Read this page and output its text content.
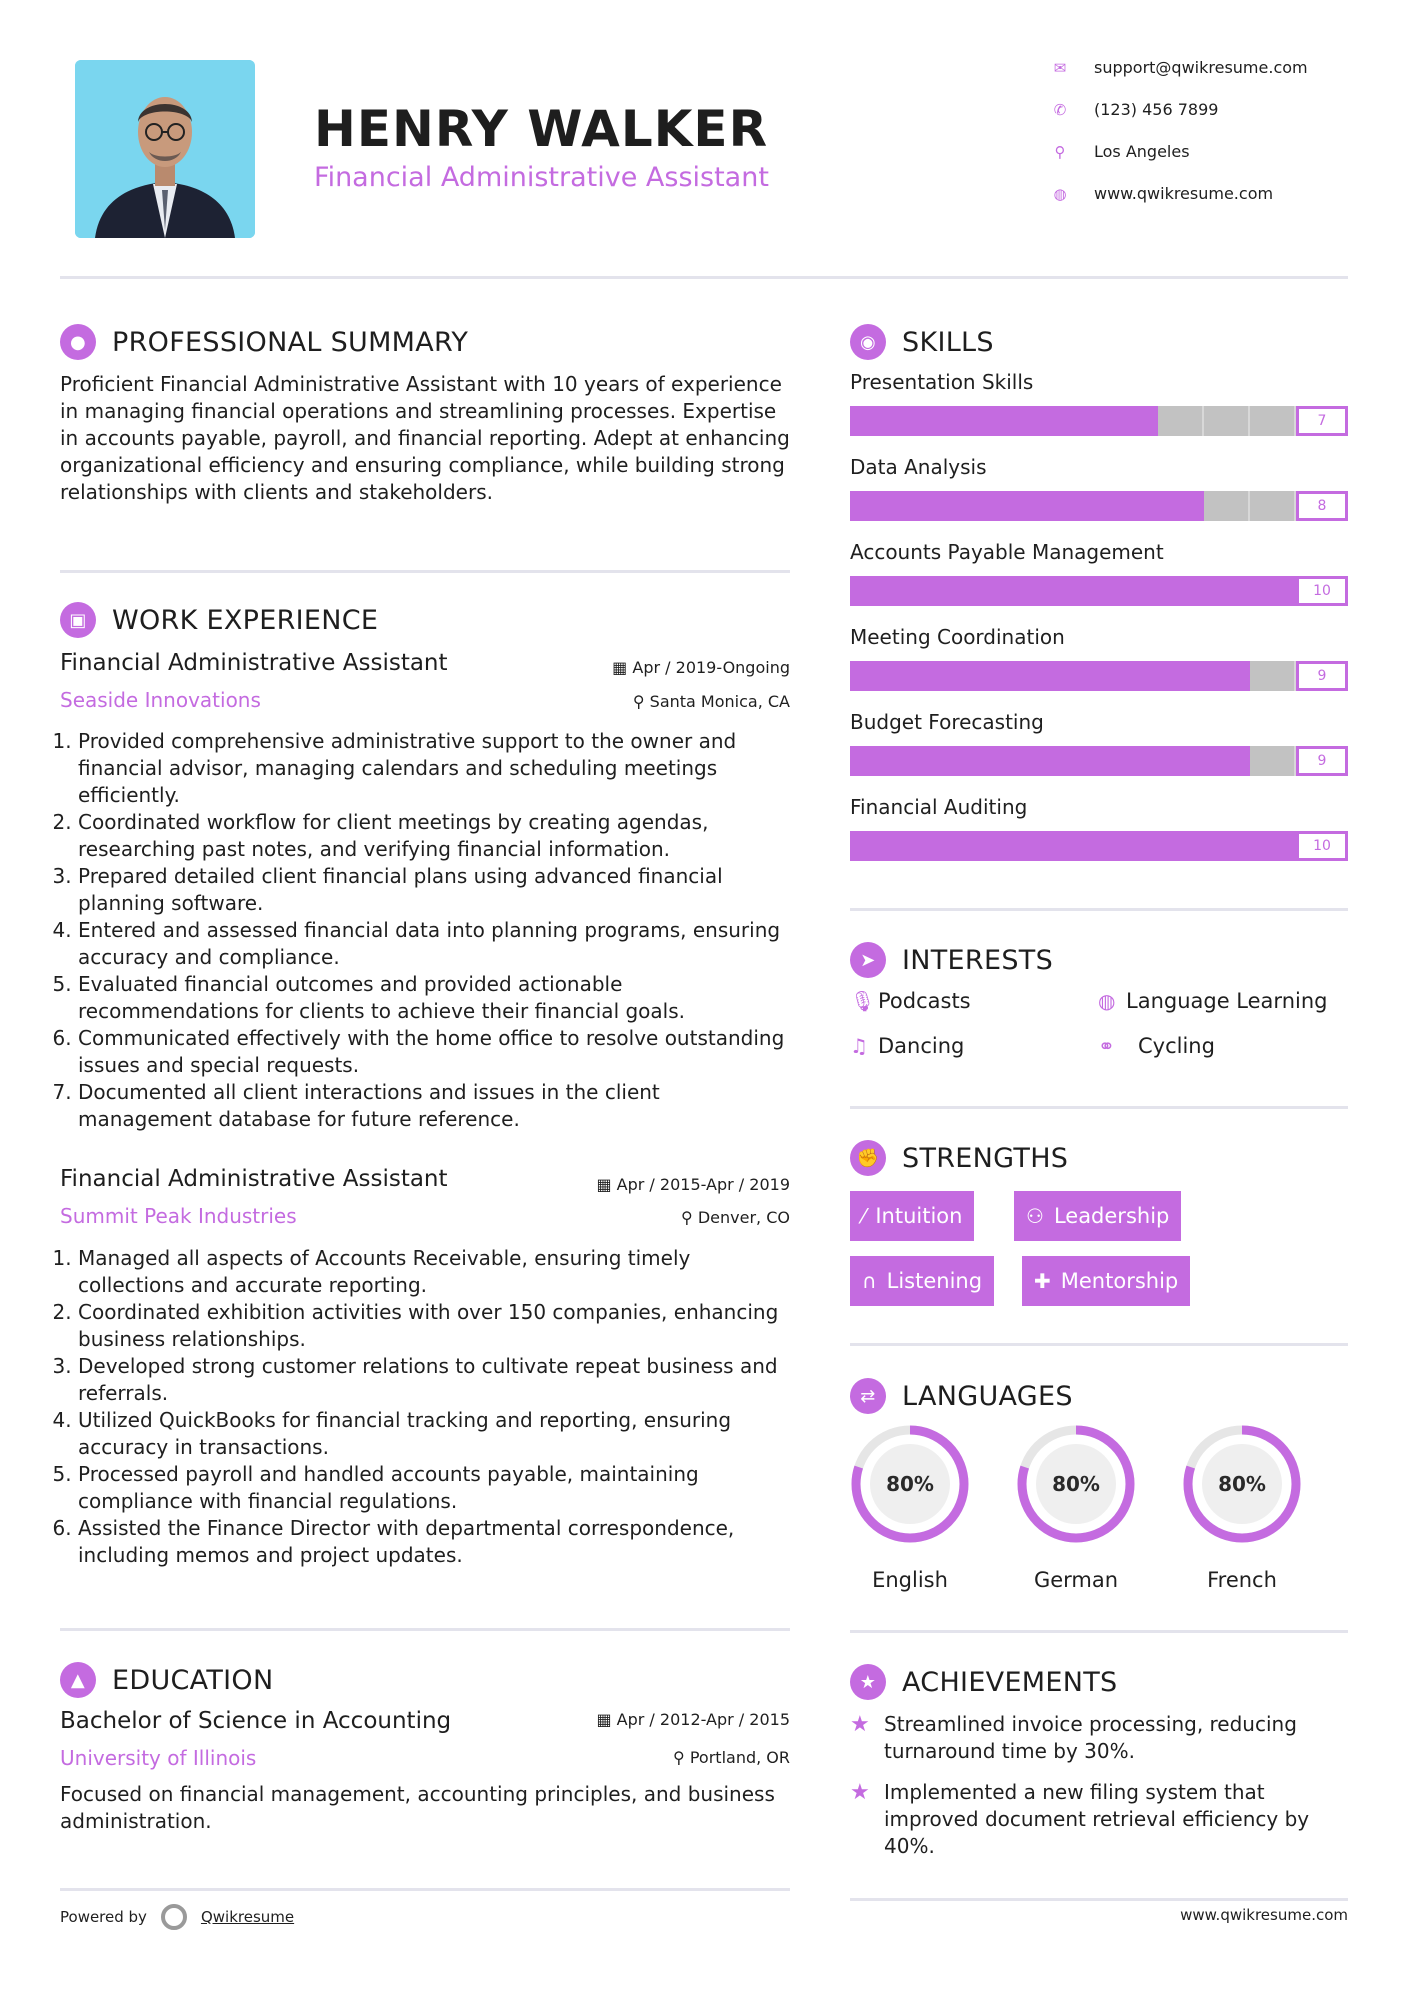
HENRY WALKER
Financial Administrative Assistant
✉ support@qwikresume.com
✆ (123) 456 7899
⚲ Los Angeles
◍ www.qwikresume.com
● PROFESSIONAL SUMMARY
Proficient Financial Administrative Assistant with 10 years of experience in managing financial operations and streamlining processes. Expertise in accounts payable, payroll, and financial reporting. Adept at enhancing organizational efficiency and ensuring compliance, while building strong relationships with clients and stakeholders.
▣ WORK EXPERIENCE
Financial Administrative Assistant	▦ Apr / 2019-Ongoing
Seaside Innovations	⚲ Santa Monica, CA
1. Provided comprehensive administrative support to the owner and financial advisor, managing calendars and scheduling meetings efficiently.
2. Coordinated workflow for client meetings by creating agendas, researching past notes, and verifying financial information.
3. Prepared detailed client financial plans using advanced financial planning software.
4. Entered and assessed financial data into planning programs, ensuring accuracy and compliance.
5. Evaluated financial outcomes and provided actionable recommendations for clients to achieve their financial goals.
6. Communicated effectively with the home office to resolve outstanding issues and special requests.
7. Documented all client interactions and issues in the client management database for future reference.
Financial Administrative Assistant	▦ Apr / 2015-Apr / 2019
Summit Peak Industries	⚲ Denver, CO
1. Managed all aspects of Accounts Receivable, ensuring timely collections and accurate reporting.
2. Coordinated exhibition activities with over 150 companies, enhancing business relationships.
3. Developed strong customer relations to cultivate repeat business and referrals.
4. Utilized QuickBooks for financial tracking and reporting, ensuring accuracy in transactions.
5. Processed payroll and handled accounts payable, maintaining compliance with financial regulations.
6. Assisted the Finance Director with departmental correspondence, including memos and project updates.
▲ EDUCATION
Bachelor of Science in Accounting	▦ Apr / 2012-Apr / 2015
University of Illinois	⚲ Portland, OR
Focused on financial management, accounting principles, and business administration.
Powered by	Qwikresume
◉ SKILLS
Presentation Skills
7
Data Analysis
8
Accounts Payable Management
10
Meeting Coordination
9
Budget Forecasting
9
Financial Auditing
10
➤ INTERESTS
🎙 Podcasts	◍ Language Learning
♫ Dancing	⚭	Cycling
✊ STRENGTHS
⁄ Intuition	⚇ Leadership
∩ Listening	✚ Mentorship
⇄ LANGUAGES
80%
English
80%
German
80%
French
★ ACHIEVEMENTS
★ Streamlined invoice processing, reducing turnaround time by 30%.
★ Implemented a new filing system that improved document retrieval efficiency by 40%.
www.qwikresume.com
